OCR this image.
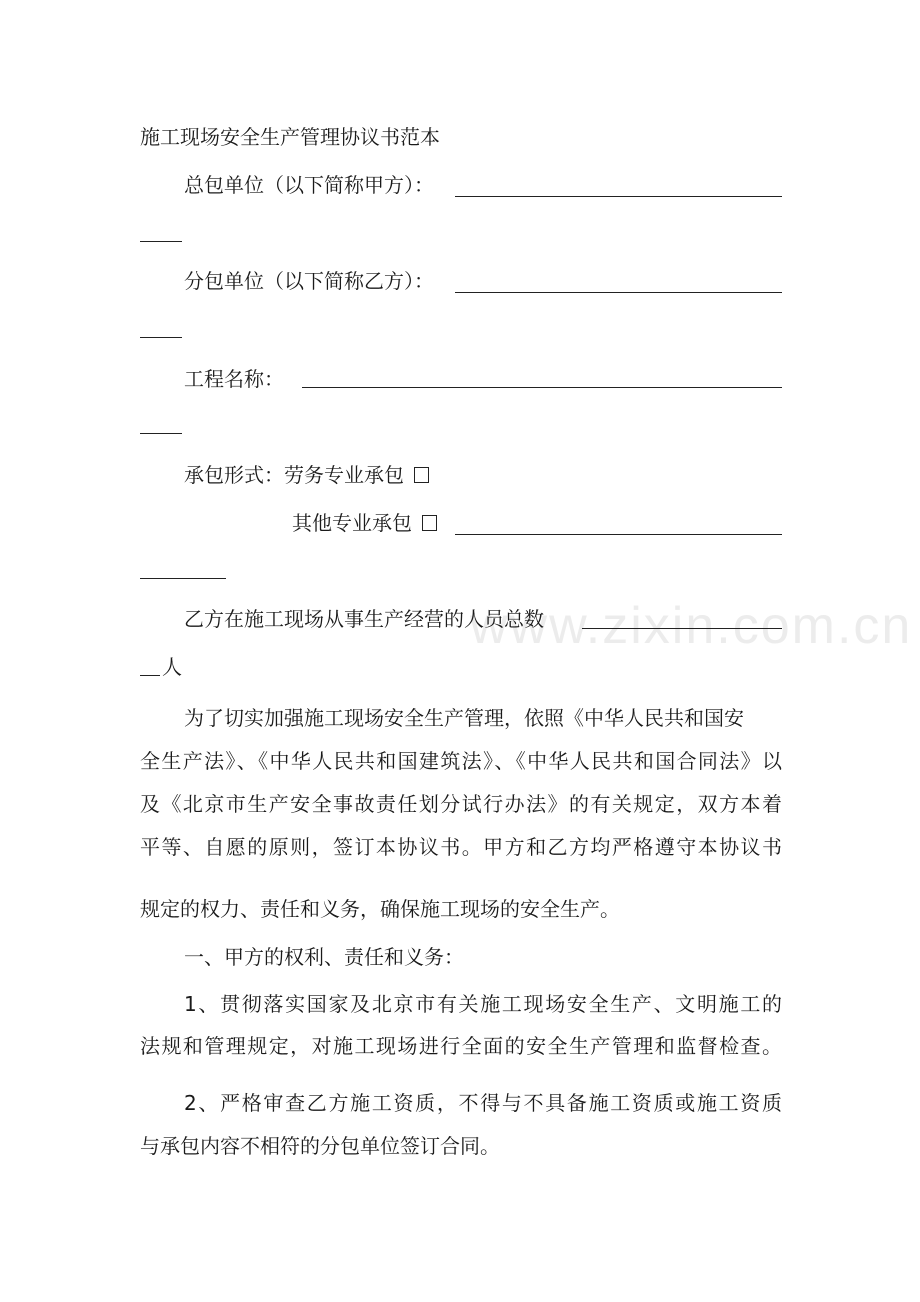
www.zixin.com.cn
施工现场安全生产管理协议书范本
总包单位（以下简称甲方）：
分包单位（以下简称乙方）：
工程名称：
承包形式：劳务专业承包
其他专业承包
乙方在施工现场从事生产经营的人员总数
人
为了切实加强施工现场安全生产管理，依照《中华人民共和国安
全生产法》、《中华人民共和国建筑法》、《中华人民共和国合同法》以
及《北京市生产安全事故责任划分试行办法》的有关规定，双方本着
平等、自愿的原则，签订本协议书。甲方和乙方均严格遵守本协议书
规定的权力、责任和义务，确保施工现场的安全生产。
一、甲方的权利、责任和义务：
1、贯彻落实国家及北京市有关施工现场安全生产、文明施工的
法规和管理规定，对施工现场进行全面的安全生产管理和监督检查。
2、严格审查乙方施工资质，不得与不具备施工资质或施工资质
与承包内容不相符的分包单位签订合同。
